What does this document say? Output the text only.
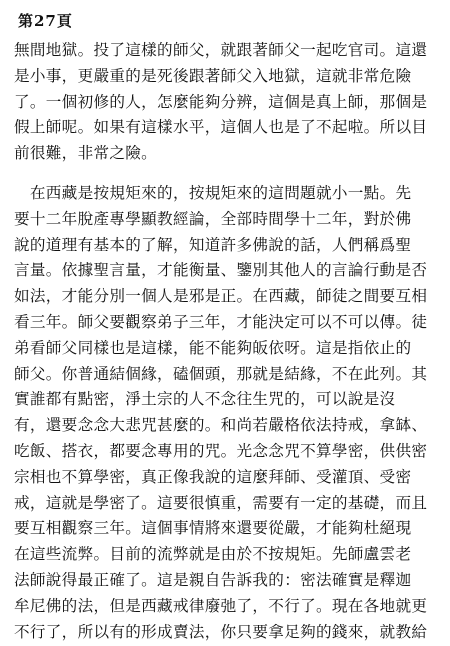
第27頁
無間地獄。投了這樣的師父，就跟著師父一起吃官司。這還
是小事，更嚴重的是死後跟著師父入地獄，這就非常危險
了。一個初修的人，怎麼能夠分辨，這個是真上師，那個是
假上師呢。如果有這樣水平，這個人也是了不起啦。所以目
前很難，非常之險。
　在西藏是按規矩來的，按規矩來的這問題就小一點。先
要十二年脫產專學顯教經論，全部時間學十二年，對於佛
說的道理有基本的了解，知道許多佛說的話，人們稱爲聖
言量。依據聖言量，才能衡量、鑒別其他人的言論行動是否
如法，才能分別一個人是邪是正。在西藏，師徒之間要互相
看三年。師父要觀察弟子三年，才能決定可以不可以傳。徒
弟看師父同樣也是這樣，能不能夠皈依呀。這是指依止的
師父。你普通結個緣，磕個頭，那就是結緣，不在此列。其
實誰都有點密，淨土宗的人不念往生咒的，可以說是沒
有，還要念念大悲咒甚麼的。和尚若嚴格依法持戒，拿缽、
吃飯、搭衣，都要念專用的咒。光念念咒不算學密，供供密
宗相也不算學密，真正像我說的這麼拜師、受灌頂、受密
戒，這就是學密了。這要很慎重，需要有一定的基礎，而且
要互相觀察三年。這個事情將來還要從嚴，才能夠杜絕現
在這些流弊。目前的流弊就是由於不按規矩。先師盧雲老
法師說得最正確了。這是親自告訴我的：密法確實是釋迦
牟尼佛的法，但是西藏戒律廢弛了，不行了。現在各地就更
不行了，所以有的形成賣法，你只要拿足夠的錢來，就教給
